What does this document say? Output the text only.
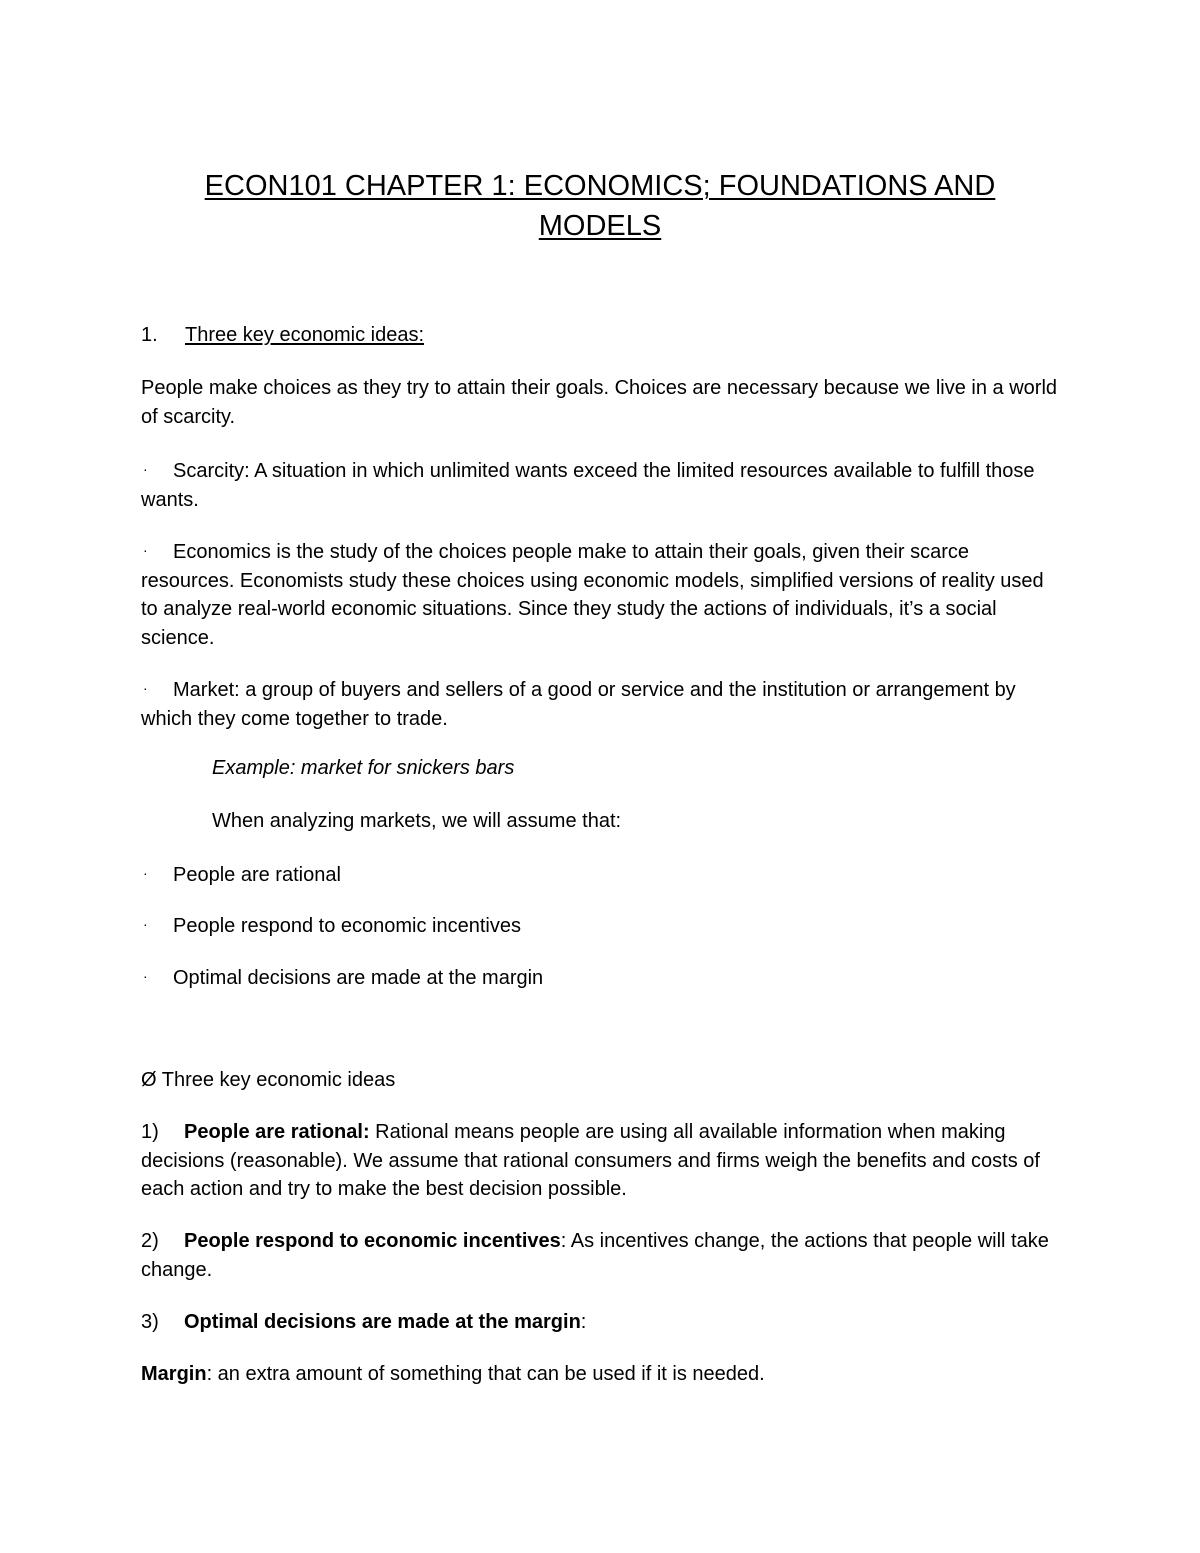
ECON101 CHAPTER 1: ECONOMICS; FOUNDATIONS AND MODELS

1. Three key economic ideas:

People make choices as they try to attain their goals. Choices are necessary because we live in a world of scarcity.

· Scarcity: A situation in which unlimited wants exceed the limited resources available to fulfill those wants.

· Economics is the study of the choices people make to attain their goals, given their scarce resources. Economists study these choices using economic models, simplified versions of reality used to analyze real-world economic situations. Since they study the actions of individuals, it’s a social science.

· Market: a group of buyers and sellers of a good or service and the institution or arrangement by which they come together to trade.

Example: market for snickers bars

When analyzing markets, we will assume that:

· People are rational

· People respond to economic incentives

· Optimal decisions are made at the margin

Ø Three key economic ideas

1) People are rational: Rational means people are using all available information when making decisions (reasonable). We assume that rational consumers and firms weigh the benefits and costs of each action and try to make the best decision possible.

2) People respond to economic incentives: As incentives change, the actions that people will take change.

3) Optimal decisions are made at the margin:

Margin: an extra amount of something that can be used if it is needed.
